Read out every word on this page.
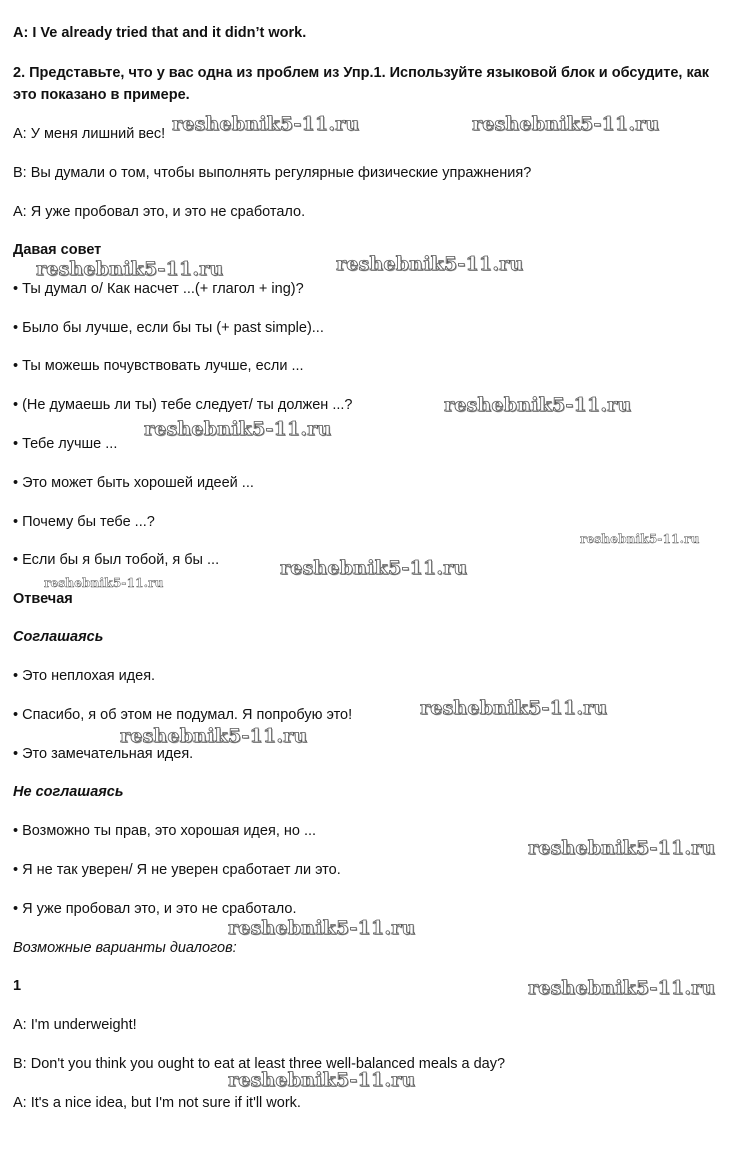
A: I Ve already tried that and it didn’t work.
2. Представьте, что у вас одна из проблем из Упр.1. Используйте языковой блок и обсудите, как это показано в примере.
A: У меня лишний вес!
B: Вы думали о том, чтобы выполнять регулярные физические упражнения?
A: Я уже пробовал это, и это не сработало.
Давая совет
• Ты думал о/ Как насчет ...(+ глагол + ing)?
• Было бы лучше, если бы ты (+ past simple)...
• Ты можешь почувствовать лучше, если ...
• (Не думаешь ли ты) тебе следует/ ты должен ...?
• Тебе лучше ...
• Это может быть хорошей идеей ...
• Почему бы тебе ...?
• Если бы я был тобой, я бы ...
Отвечая
Соглашаясь
• Это неплохая идея.
• Спасибо, я об этом не подумал. Я попробую это!
• Это замечательная идея.
Не соглашаясь
• Возможно ты прав, это хорошая идея, но ...
• Я не так уверен/ Я не уверен сработает ли это.
• Я уже пробовал это, и это не сработало.
Возможные варианты диалогов:
1
A: I'm underweight!
B: Don't you think you ought to eat at least three well-balanced meals a day?
A: It's a nice idea, but I'm not sure if it'll work.
reshebnik5-11.ru	reshebnik5-11.ru
reshebnik5-11.ru	reshebnik5-11.ru
reshebnik5-11.ru
reshebnik5-11.ru
reshebnik5-11.ru
reshebnik5-11.ru
reshebnik5-11.ru
reshebnik5-11.ru
reshebnik5-11.ru
reshebnik5-11.ru
reshebnik5-11.ru
reshebnik5-11.ru
reshebnik5-11.ru
